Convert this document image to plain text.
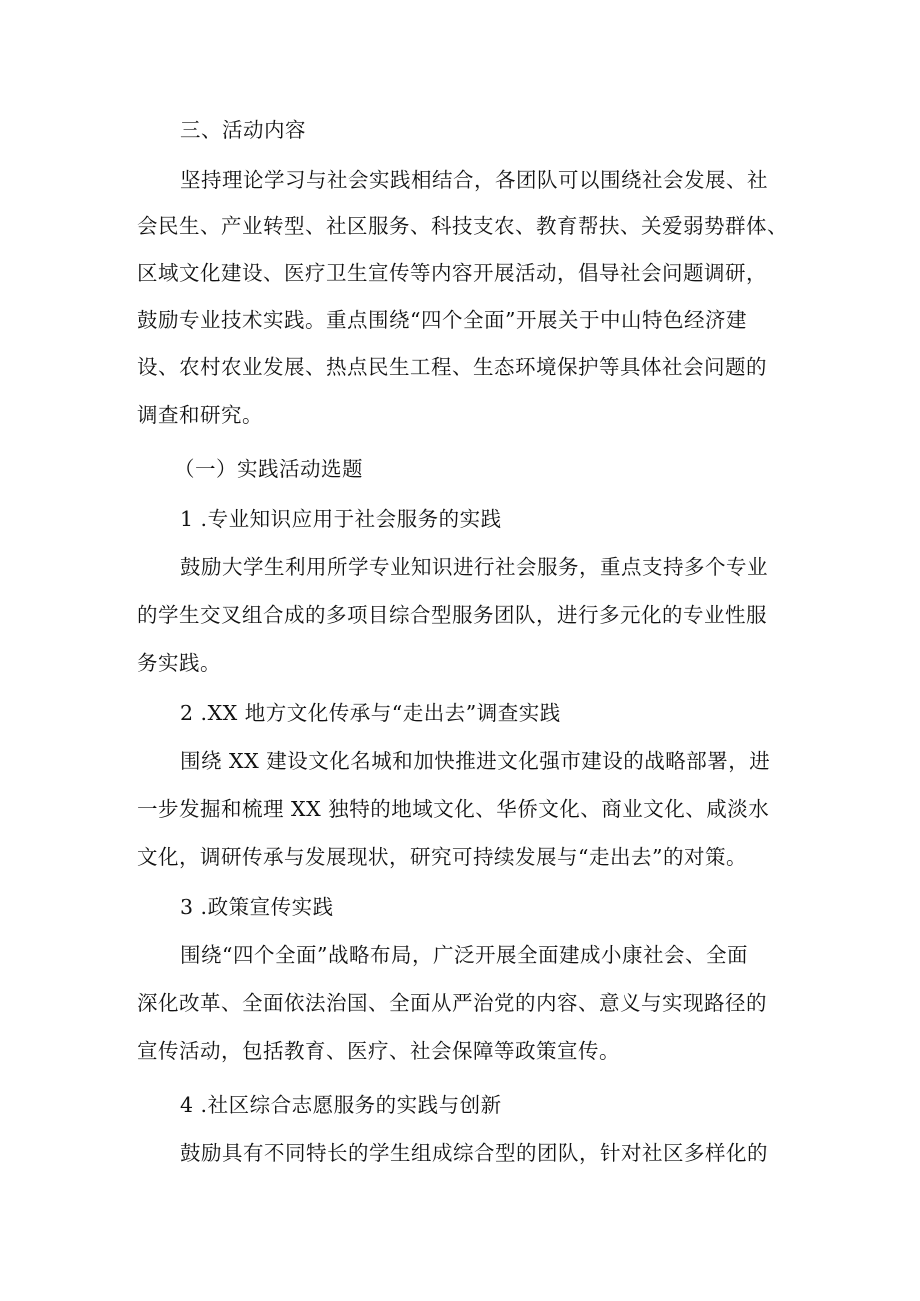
三、活动内容
坚持理论学习与社会实践相结合，各团队可以围绕社会发展、社
会民生、产业转型、社区服务、科技支农、教育帮扶、关爱弱势群体、
区域文化建设、医疗卫生宣传等内容开展活动，倡导社会问题调研，
鼓励专业技术实践。重点围绕“四个全面”开展关于中山特色经济建
设、农村农业发展、热点民生工程、生态环境保护等具体社会问题的
调查和研究。
（一）实践活动选题
1 .专业知识应用于社会服务的实践
鼓励大学生利用所学专业知识进行社会服务，重点支持多个专业
的学生交叉组合成的多项目综合型服务团队，进行多元化的专业性服
务实践。
2 .XX 地方文化传承与“走出去”调查实践
围绕 XX 建设文化名城和加快推进文化强市建设的战略部署，进
一步发掘和梳理 XX 独特的地域文化、华侨文化、商业文化、咸淡水
文化，调研传承与发展现状，研究可持续发展与“走出去”的对策。
3 .政策宣传实践
围绕“四个全面”战略布局，广泛开展全面建成小康社会、全面
深化改革、全面依法治国、全面从严治党的内容、意义与实现路径的
宣传活动，包括教育、医疗、社会保障等政策宣传。
4 .社区综合志愿服务的实践与创新
鼓励具有不同特长的学生组成综合型的团队，针对社区多样化的
